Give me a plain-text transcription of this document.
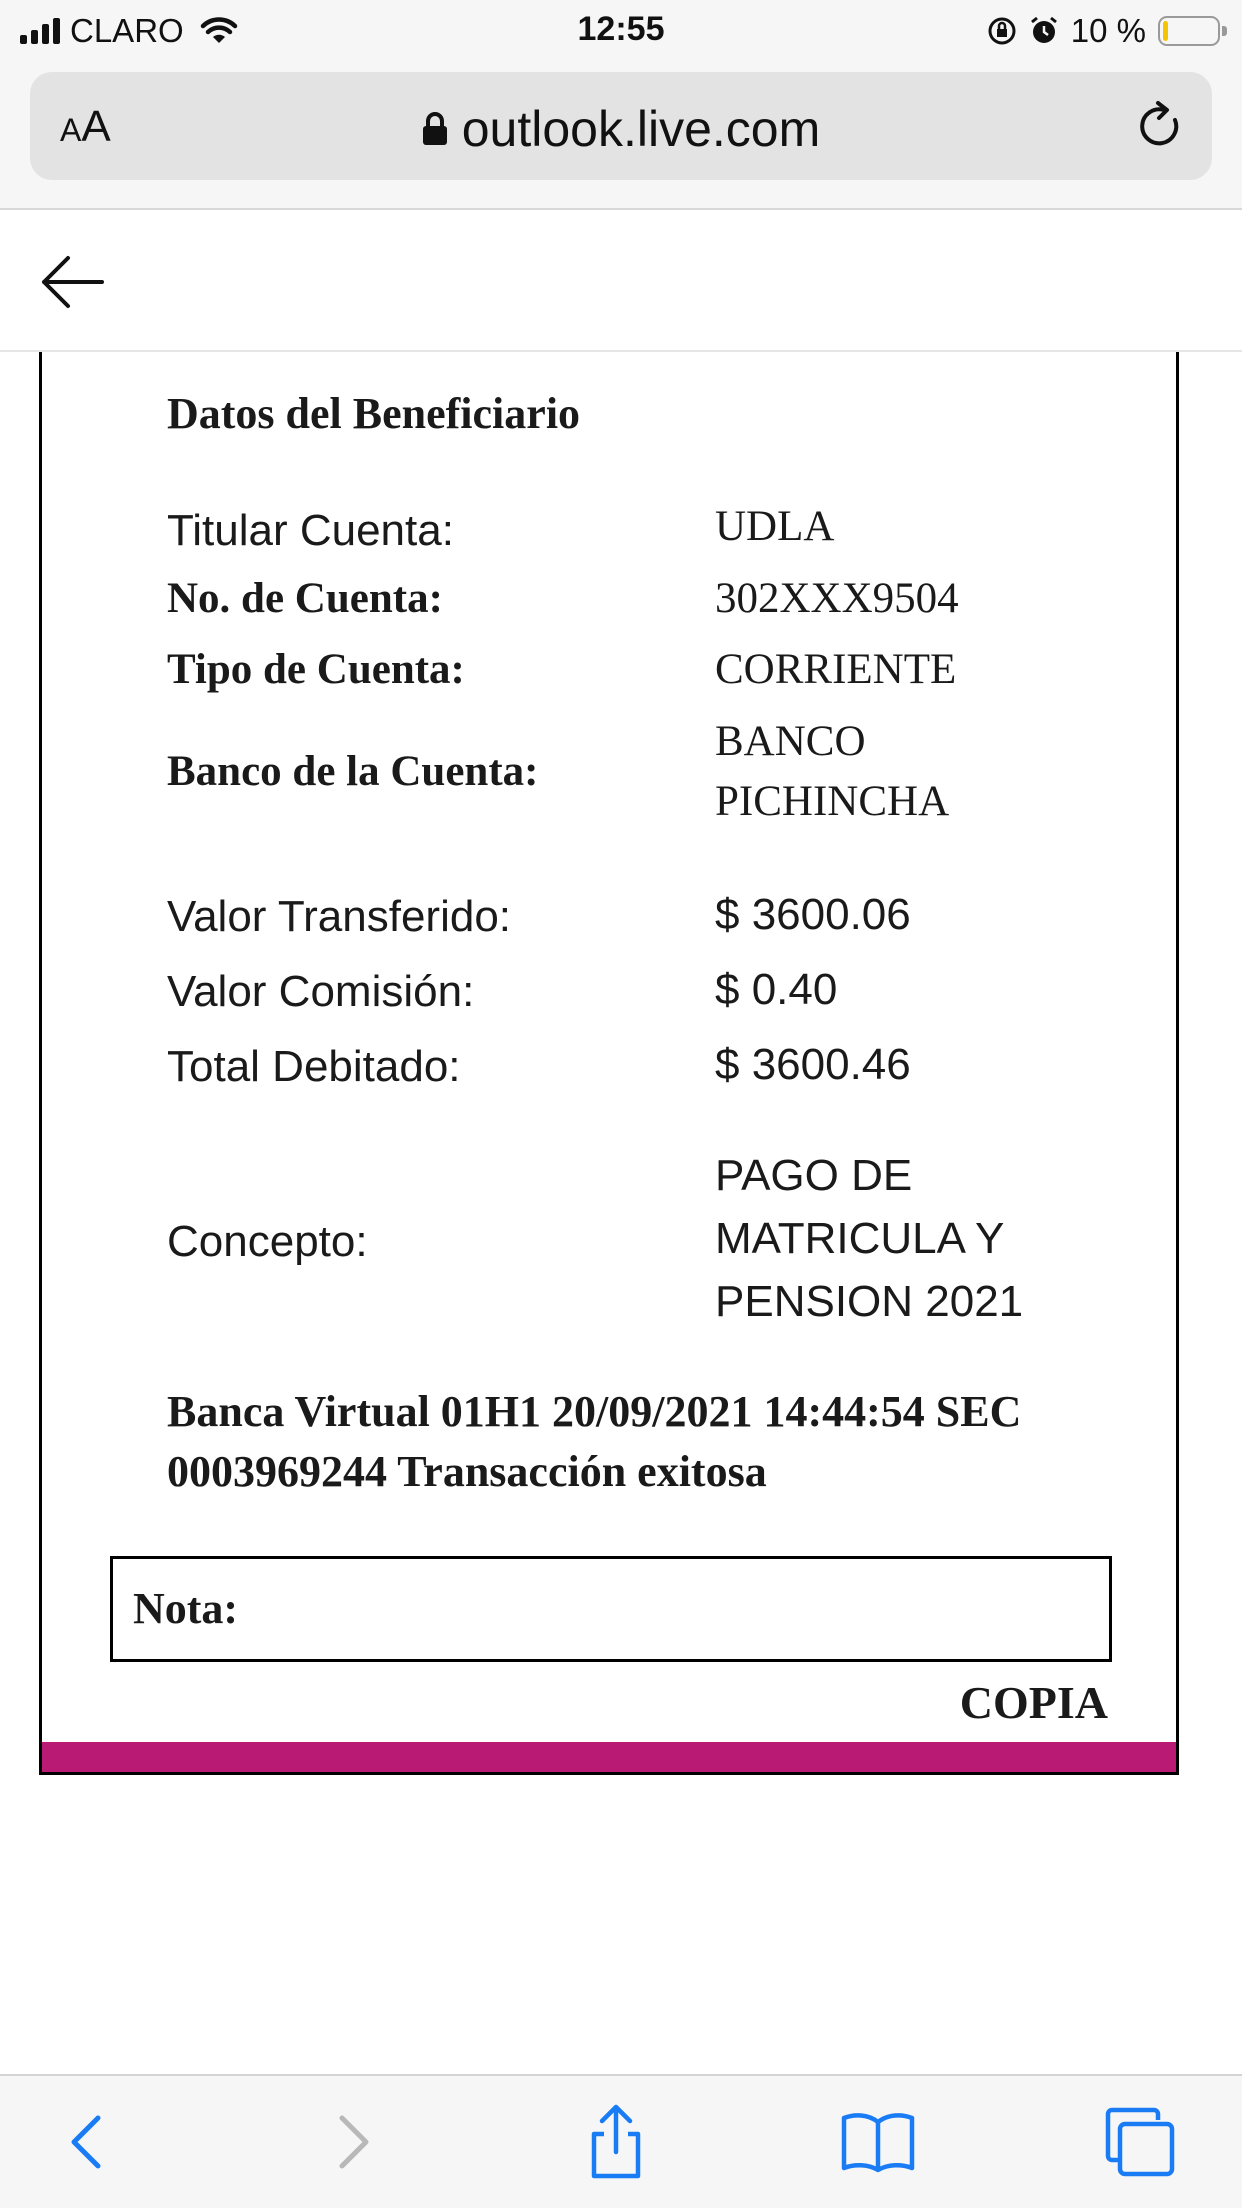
CLARO	12:55	10 %
AA	outlook.live.com
Datos del Beneficiario
Titular Cuenta:	UDLA
No. de Cuenta:	302XXX9504
Tipo de Cuenta:	CORRIENTE
Banco de la Cuenta:
BANCO
PICHINCHA
Valor Transferido:	$ 3600.06
Valor Comisión:	$ 0.40
Total Debitado:	$ 3600.46
Concepto:
PAGO DE
MATRICULA Y
PENSION 2021
Banca Virtual 01H1 20/09/2021 14:44:54 SEC
0003969244 Transacción exitosa
Nota:
COPIA
